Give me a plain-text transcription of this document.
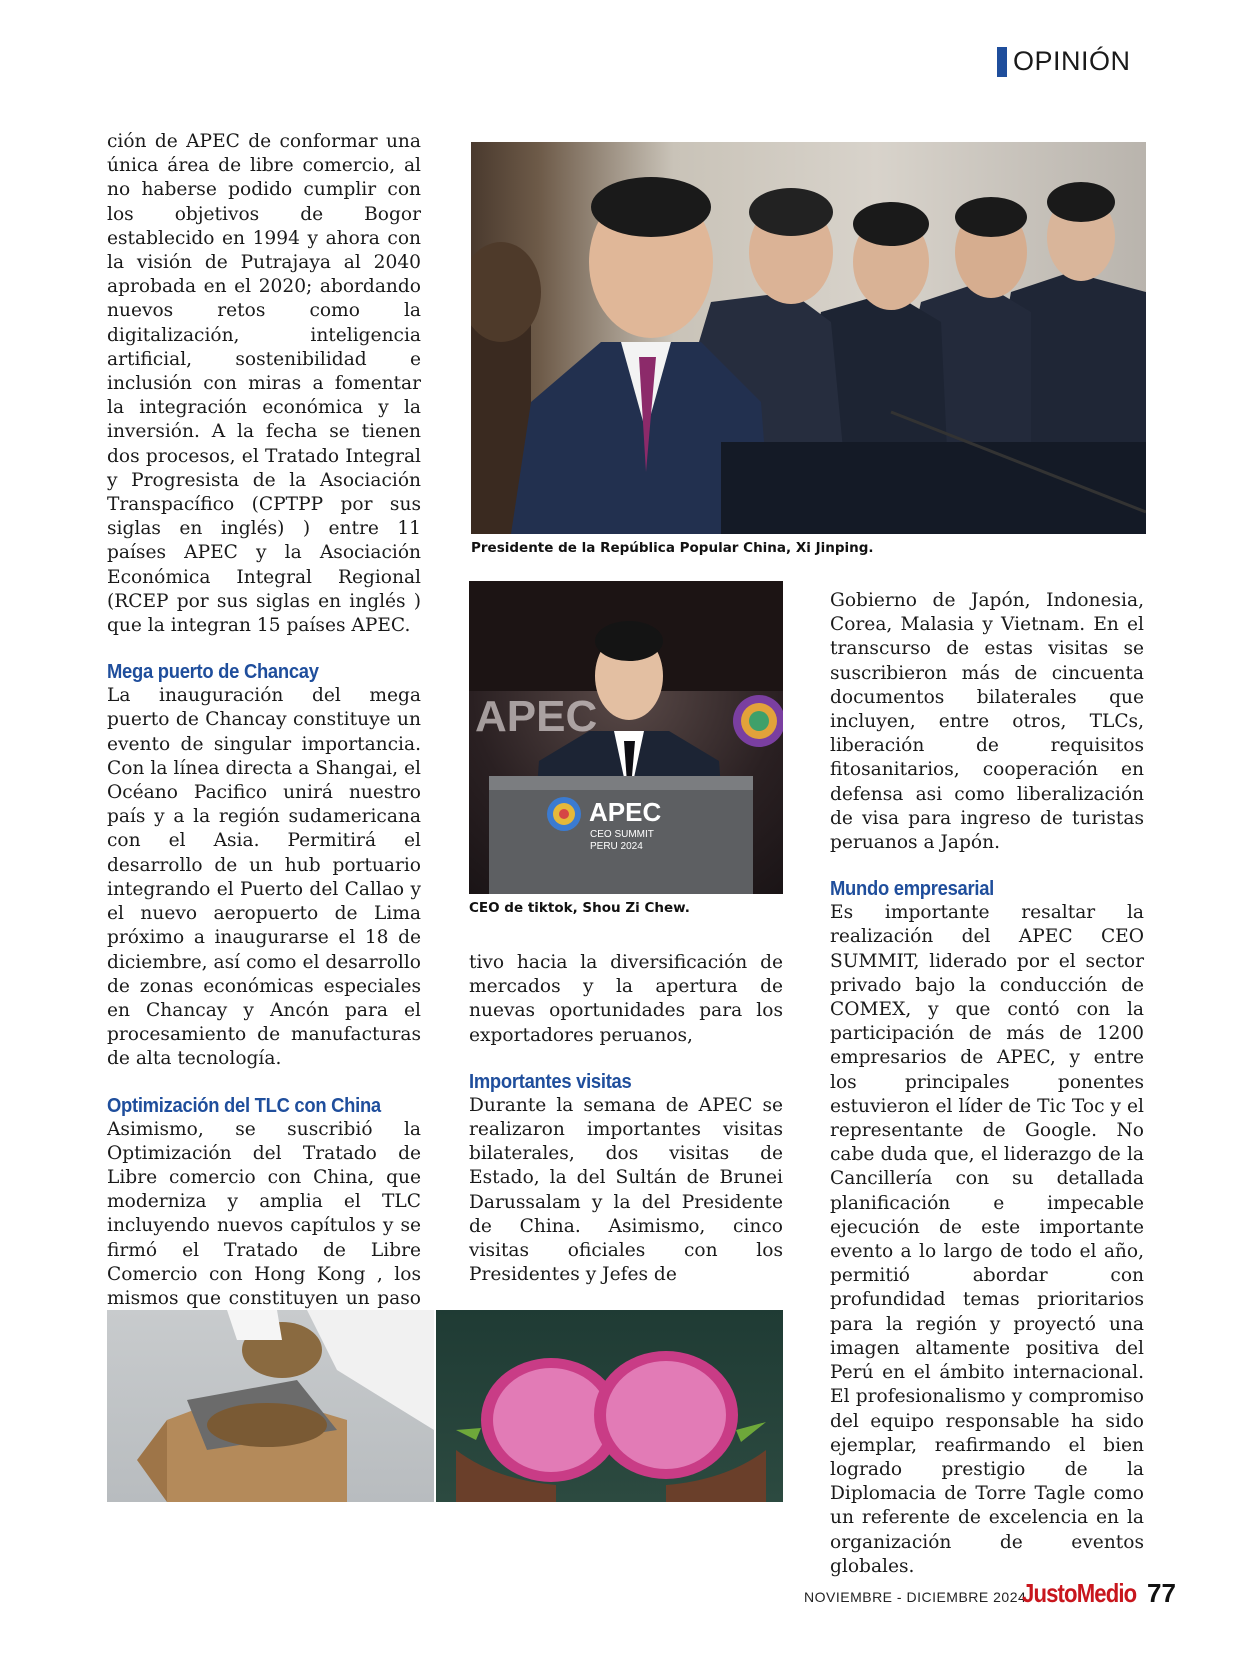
OPINIÓN

ción de APEC de conformar una única área de libre comercio, al no haberse podido cumplir con los objetivos de Bogor establecido en 1994 y ahora con la visión de Putrajaya al 2040 aprobada en el 2020; abordando nuevos retos como la digitalización, inteligencia artificial, sostenibilidad e inclusión con miras a fomentar la integración económica y la inversión. A la fecha se tienen dos procesos, el Tratado Integral y Progresista de la Asociación Transpacífico (CPTPP por sus siglas en inglés) ) entre 11 países APEC y la Asociación Económica Integral Regional (RCEP por sus siglas en inglés ) que la integran 15 países APEC.

Mega puerto de Chancay

La inauguración del mega puerto de Chancay constituye un evento de singular importancia. Con la línea directa a Shangai, el Océano Pacifico unirá nuestro país y a la región sudamericana con el Asia. Permitirá el desarrollo de un hub portuario integrando el Puerto del Callao y el nuevo aeropuerto de Lima próximo a inaugurarse el 18 de diciembre, así como el desarrollo de zonas económicas especiales en Chancay y Ancón para el procesamiento de manufacturas de alta tecnología.

Optimización del TLC con China

Asimismo, se suscribió la Optimización del Tratado de Libre comercio con China, que moderniza y amplia el TLC incluyendo nuevos capítulos y se firmó el Tratado de Libre Comercio con Hong Kong , los mismos que constituyen un paso

Presidente de la República Popular China, Xi Jinping.
APEC
APEC
CEO SUMMIT
PERU 2024
CEO de tiktok, Shou Zi Chew.

tivo hacia la diversificación de mercados y la apertura de nuevas oportunidades para los exportadores peruanos,

Importantes visitas

Durante la semana de APEC se realizaron importantes visitas bilaterales, dos visitas de Estado, la del Sultán de Brunei Darussalam y la del Presidente de China. Asimismo, cinco visitas oficiales con los Presidentes y Jefes de

Gobierno de Japón, Indonesia, Corea, Malasia y Vietnam. En el transcurso de estas visitas se suscribieron más de cincuenta documentos bilaterales que incluyen, entre otros, TLCs, liberación de requisitos fitosanitarios, cooperación en defensa asi como liberalización de visa para ingreso de turistas peruanos a Japón.

Mundo empresarial

Es importante resaltar la realización del APEC CEO SUMMIT, liderado por el sector privado bajo la conducción de COMEX, y que contó con la participación de más de 1200 empresarios de APEC, y entre los principales ponentes estuvieron el líder de Tic Toc y el representante de Google. No cabe duda que, el liderazgo de la Cancillería con su detallada planificación e impecable ejecución de este importante evento a lo largo de todo el año, permitió abordar con profundidad temas prioritarios para la región y proyectó una imagen altamente positiva del Perú en el ámbito internacional. El profesionalismo y compromiso del equipo responsable ha sido ejemplar, reafirmando el bien logrado prestigio de la Diplomacia de Torre Tagle como un referente de excelencia en la organización de eventos globales.

NOVIEMBRE - DICIEMBRE 2024
JustoMedio 77
